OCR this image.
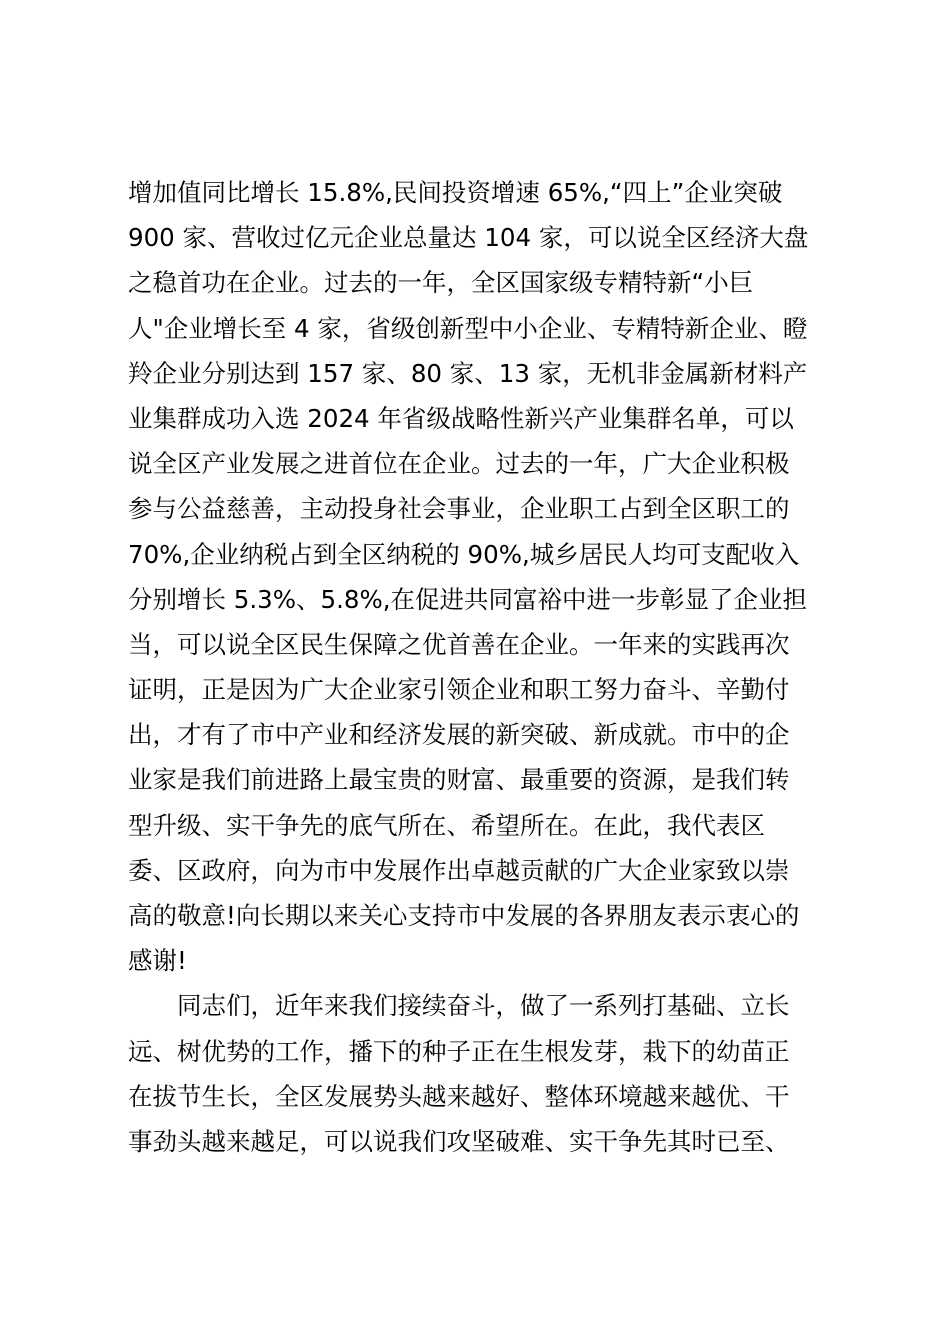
增加值同比增长 15.8%,民间投资增速 65%,“四上”企业突破
900 家、营收过亿元企业总量达 104 家，可以说全区经济大盘
之稳首功在企业。过去的一年，全区国家级专精特新“小巨
人"企业增长至 4 家，省级创新型中小企业、专精特新企业、瞪
羚企业分别达到 157 家、80 家、13 家，无机非金属新材料产
业集群成功入选 2024 年省级战略性新兴产业集群名单，可以
说全区产业发展之进首位在企业。过去的一年，广大企业积极
参与公益慈善，主动投身社会事业，企业职工占到全区职工的
70%,企业纳税占到全区纳税的 90%,城乡居民人均可支配收入
分别增长 5.3%、5.8%,在促进共同富裕中进一步彰显了企业担
当，可以说全区民生保障之优首善在企业。一年来的实践再次
证明，正是因为广大企业家引领企业和职工努力奋斗、辛勤付
出，才有了市中产业和经济发展的新突破、新成就。市中的企
业家是我们前进路上最宝贵的财富、最重要的资源，是我们转
型升级、实干争先的底气所在、希望所在。在此，我代表区
委、区政府，向为市中发展作出卓越贡献的广大企业家致以崇
高的敬意!向长期以来关心支持市中发展的各界朋友表示衷心的
感谢!
　　同志们，近年来我们接续奋斗，做了一系列打基础、立长
远、树优势的工作，播下的种子正在生根发芽，栽下的幼苗正
在拔节生长，全区发展势头越来越好、整体环境越来越优、干
事劲头越来越足，可以说我们攻坚破难、实干争先其时已至、
